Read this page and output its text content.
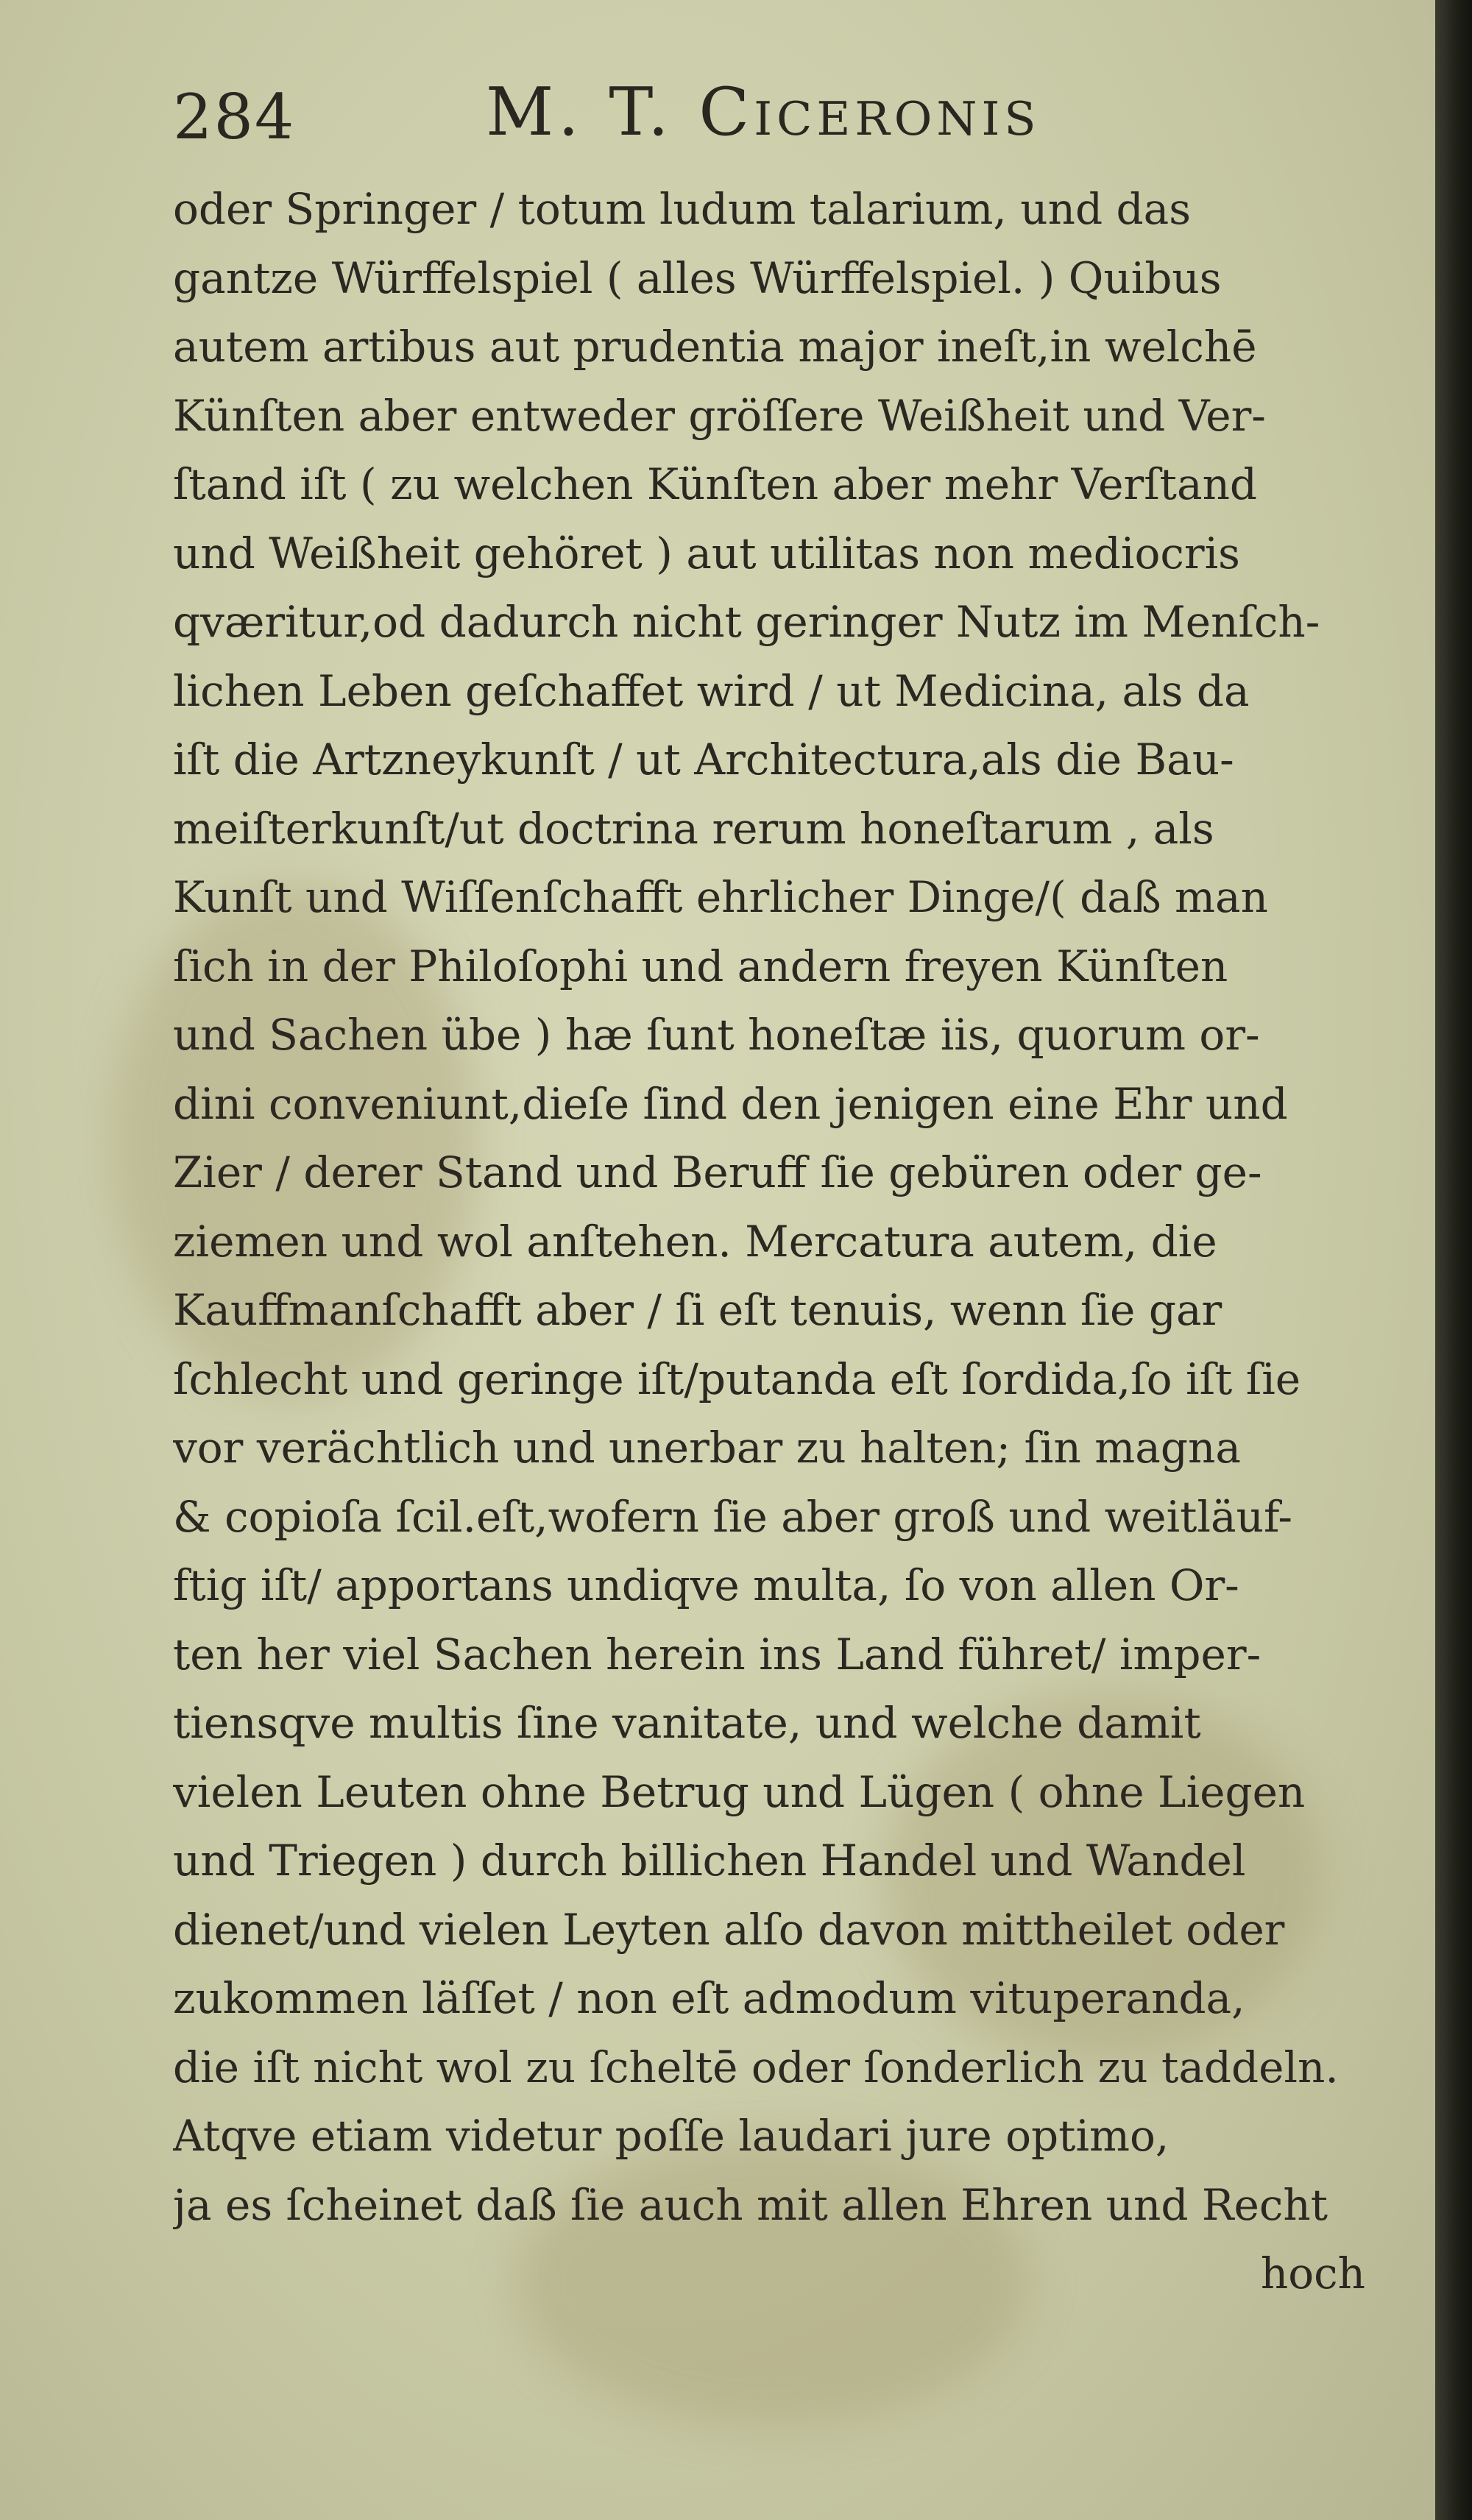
284	M. T. Ciceronis
oder Springer / totum ludum talarium, und das
gantze Würffelspiel ( alles Würffelspiel. ) Quibus
autem artibus aut prudentia major ineſt,in welchē
Künſten aber entweder gröſſere Weißheit und Ver-
ſtand iſt ( zu welchen Künſten aber mehr Verſtand
und Weißheit gehöret ) aut utilitas non mediocris
qværitur,od dadurch nicht geringer Nutz im Menſch-
lichen Leben geſchaffet wird / ut Medicina, als da
iſt die Artzneykunſt / ut Architectura,als die Bau-
meiſterkunſt/ut doctrina rerum honeſtarum , als
Kunſt und Wiſſenſchafft ehrlicher Dinge/( daß man
ſich in der Philoſophi und andern freyen Künſten
und Sachen übe ) hæ ſunt honeſtæ iis, quorum or-
dini conveniunt,dieſe ſind den jenigen eine Ehr und
Zier / derer Stand und Beruff ſie gebüren oder ge-
ziemen und wol anſtehen. Mercatura autem, die
Kauffmanſchafft aber / ſi eſt tenuis, wenn ſie gar
ſchlecht und geringe iſt/putanda eſt ſordida,ſo iſt ſie
vor verächtlich und unerbar zu halten; ſin magna
& copioſa ſcil.eſt,wofern ſie aber groß und weitläuf-
ftig iſt/ apportans undiqve multa, ſo von allen Or-
ten her viel Sachen herein ins Land führet/ imper-
tiensqve multis ſine vanitate, und welche damit
vielen Leuten ohne Betrug und Lügen ( ohne Liegen
und Triegen ) durch billichen Handel und Wandel
dienet/und vielen Leyten alſo davon mittheilet oder
zukommen läſſet / non eſt admodum vituperanda,
die iſt nicht wol zu ſcheltē oder ſonderlich zu taddeln.
Atqve etiam videtur poſſe laudari jure optimo,
ja es ſcheinet daß ſie auch mit allen Ehren und Recht
hoch
